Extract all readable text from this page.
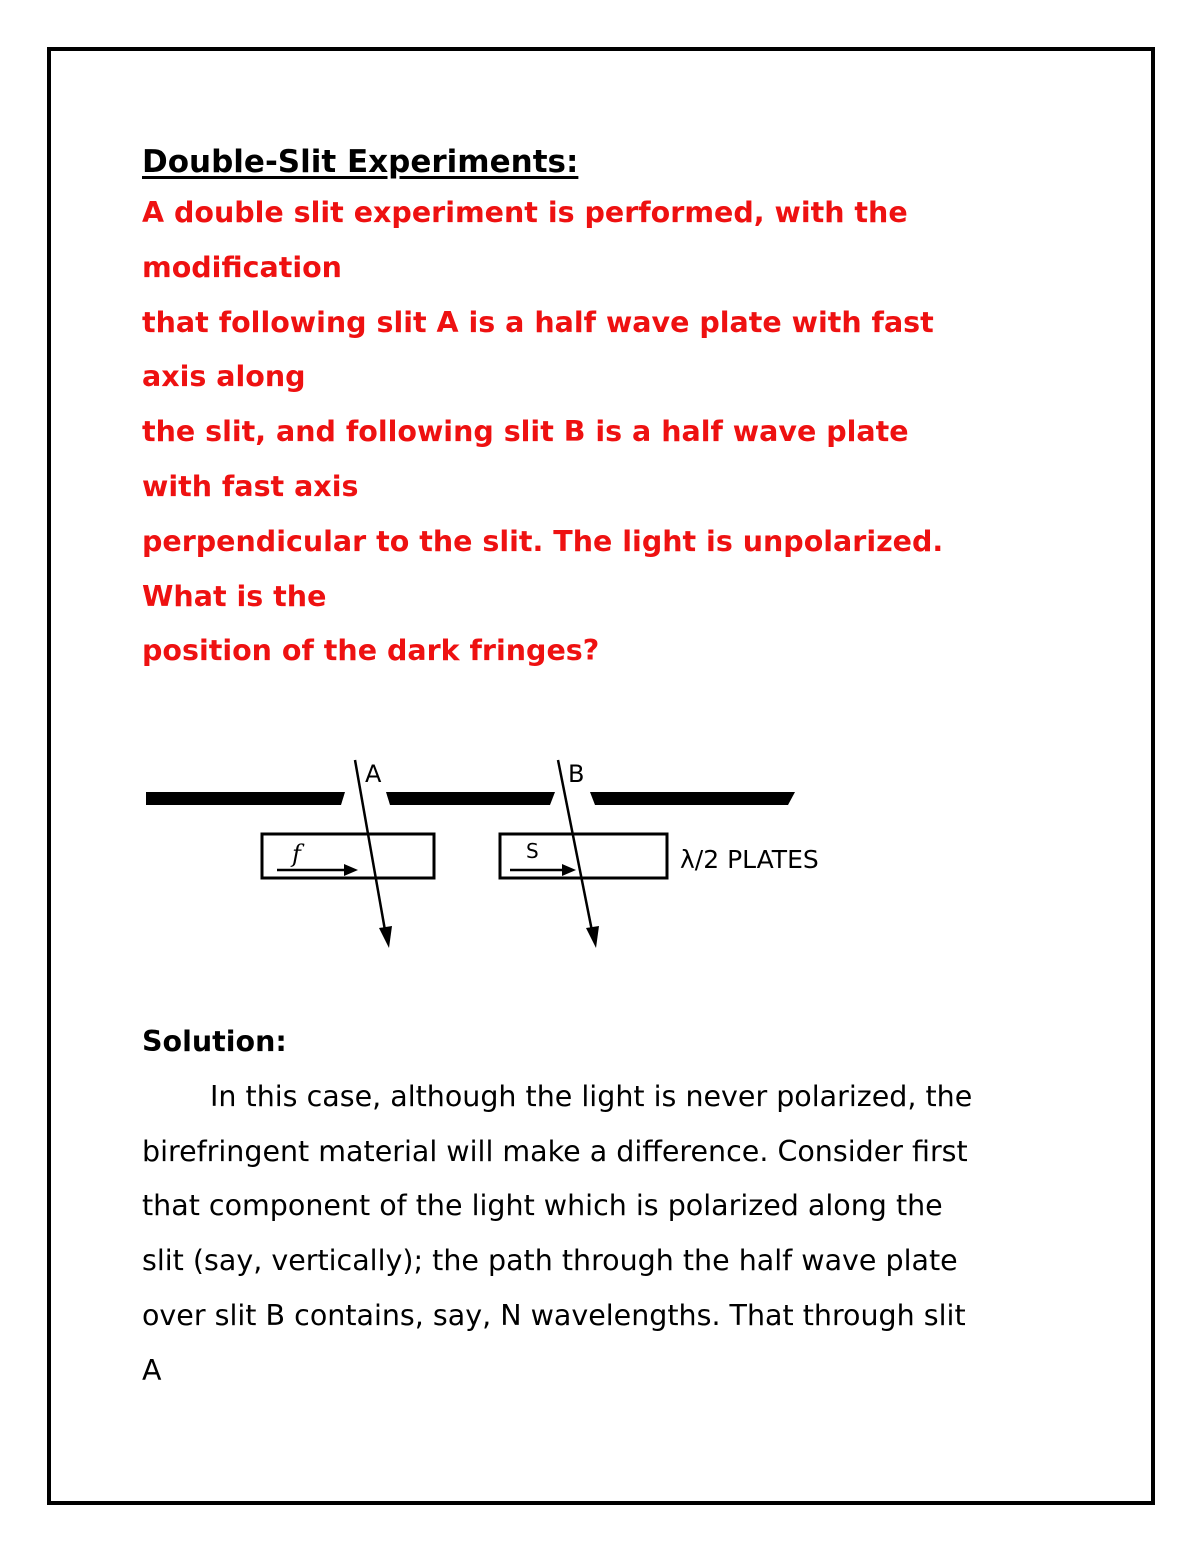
Double-Slit Experiments:
A double slit experiment is performed, with the
modification
that following slit A is a half wave plate with fast
axis along
the slit, and following slit B is a half wave plate
with fast axis
perpendicular to the slit. The light is unpolarized.
What is the
position of the dark fringes?
A	B
f	S	λ/2 PLATES
Solution:
In this case, although the light is never polarized, the
birefringent material will make a difference. Consider first
that component of the light which is polarized along the
slit (say, vertically); the path through the half wave plate
over slit B contains, say, N wavelengths. That through slit
A
